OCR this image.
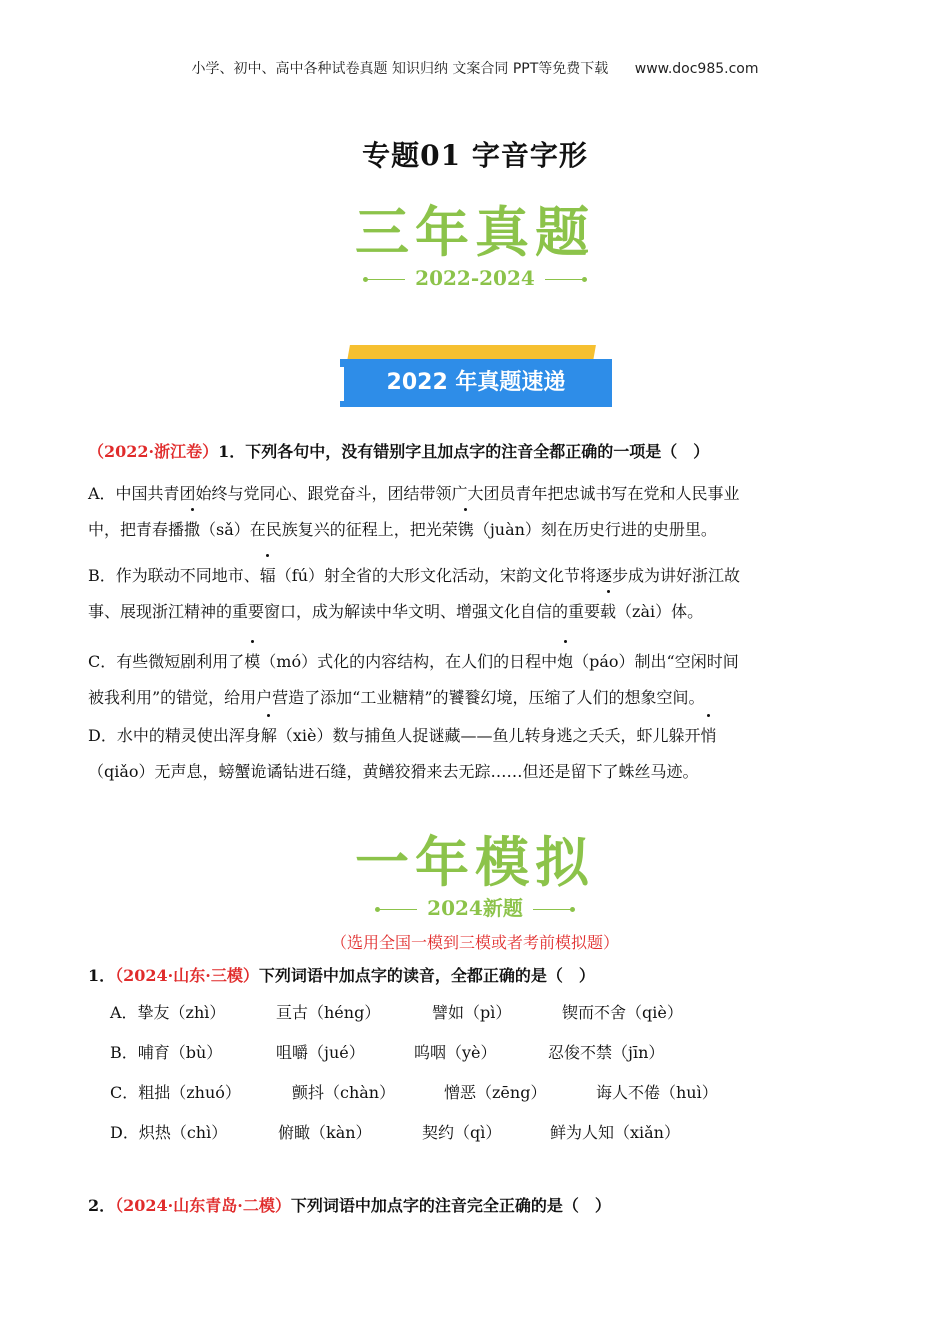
小学、初中、高中各种试卷真题 知识归纳 文案合同 PPT等免费下载 www.doc985.com
专题01 字音字形
三年真题
2022-2024
2022 年真题速递
（2022·浙江卷）1．下列各句中，没有错别字且加点字的注音全都正确的一项是（　）
A．中国共青团始终与党同心、跟党奋斗，团结带领广大团员青年把忠诚书写在党和人民事业
中，把青春播撒（sǎ）在民族复兴的征程上，把光荣镌（juàn）刻在历史行进的史册里。
B．作为联动不同地市、辐（fú）射全省的大形文化活动，宋韵文化节将逐步成为讲好浙江故
事、展现浙江精神的重要窗口，成为解读中华文明、增强文化自信的重要载（zài）体。
C．有些微短剧利用了模（mó）式化的内容结构，在人们的日程中炮（páo）制出“空闲时间
被我利用”的错觉，给用户营造了添加“工业糖精”的饕餮幻境，压缩了人们的想象空间。
D．水中的精灵使出浑身解（xiè）数与捕鱼人捉谜藏——鱼儿转身逃之夭夭，虾儿躲开悄
（qiǎo）无声息，螃蟹诡谲钻进石缝，黄鳝狡猾来去无踪……但还是留下了蛛丝马迹。
一年模拟
2024新题
（选用全国一模到三模或者考前模拟题）
1．（2024·山东·三模）下列词语中加点字的读音，全都正确的是（　）
A．挚友（zhì）	亘古（héng）	譬如（pì）	锲而不舍（qiè）
B．哺育（bù）	咀嚼（jué）	呜咽（yè）	忍俊不禁（jīn）
C．粗拙（zhuó）	颤抖（chàn）	憎恶（zēng）	诲人不倦（huì）
D．炽热（chì）	俯瞰（kàn）	契约（qì）	鲜为人知（xiǎn）
2．（2024·山东青岛·二模）下列词语中加点字的注音完全正确的是（　）
